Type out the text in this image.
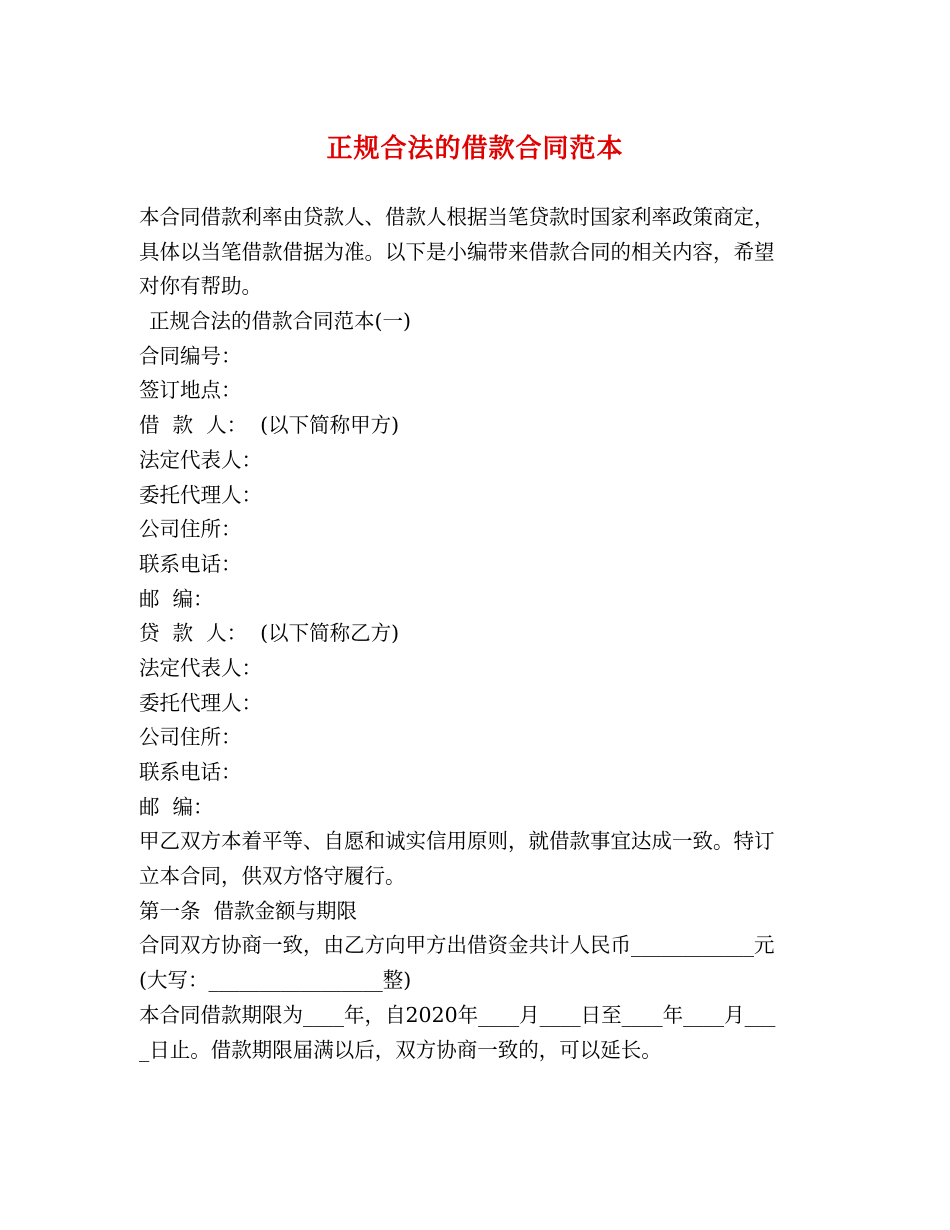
正规合法的借款合同范本
本合同借款利率由贷款人、借款人根据当笔贷款时国家利率政策商定，
具体以当笔借款借据为准。以下是小编带来借款合同的相关内容，希望
对你有帮助。
正规合法的借款合同范本(一)
合同编号：
签订地点：
借  款  人：  (以下简称甲方)
法定代表人：
委托代理人：
公司住所：
联系电话：
邮  编：
贷  款  人：  (以下简称乙方)
法定代表人：
委托代理人：
公司住所：
联系电话：
邮  编：
甲乙双方本着平等、自愿和诚实信用原则，就借款事宜达成一致。特订
立本合同，供双方恪守履行。
第一条  借款金额与期限
合同双方协商一致，由乙方向甲方出借资金共计人民币____________元
(大写：_________________整)
本合同借款期限为____年，自2020年____月____日至____年____月___
_日止。借款期限届满以后，双方协商一致的，可以延长。
